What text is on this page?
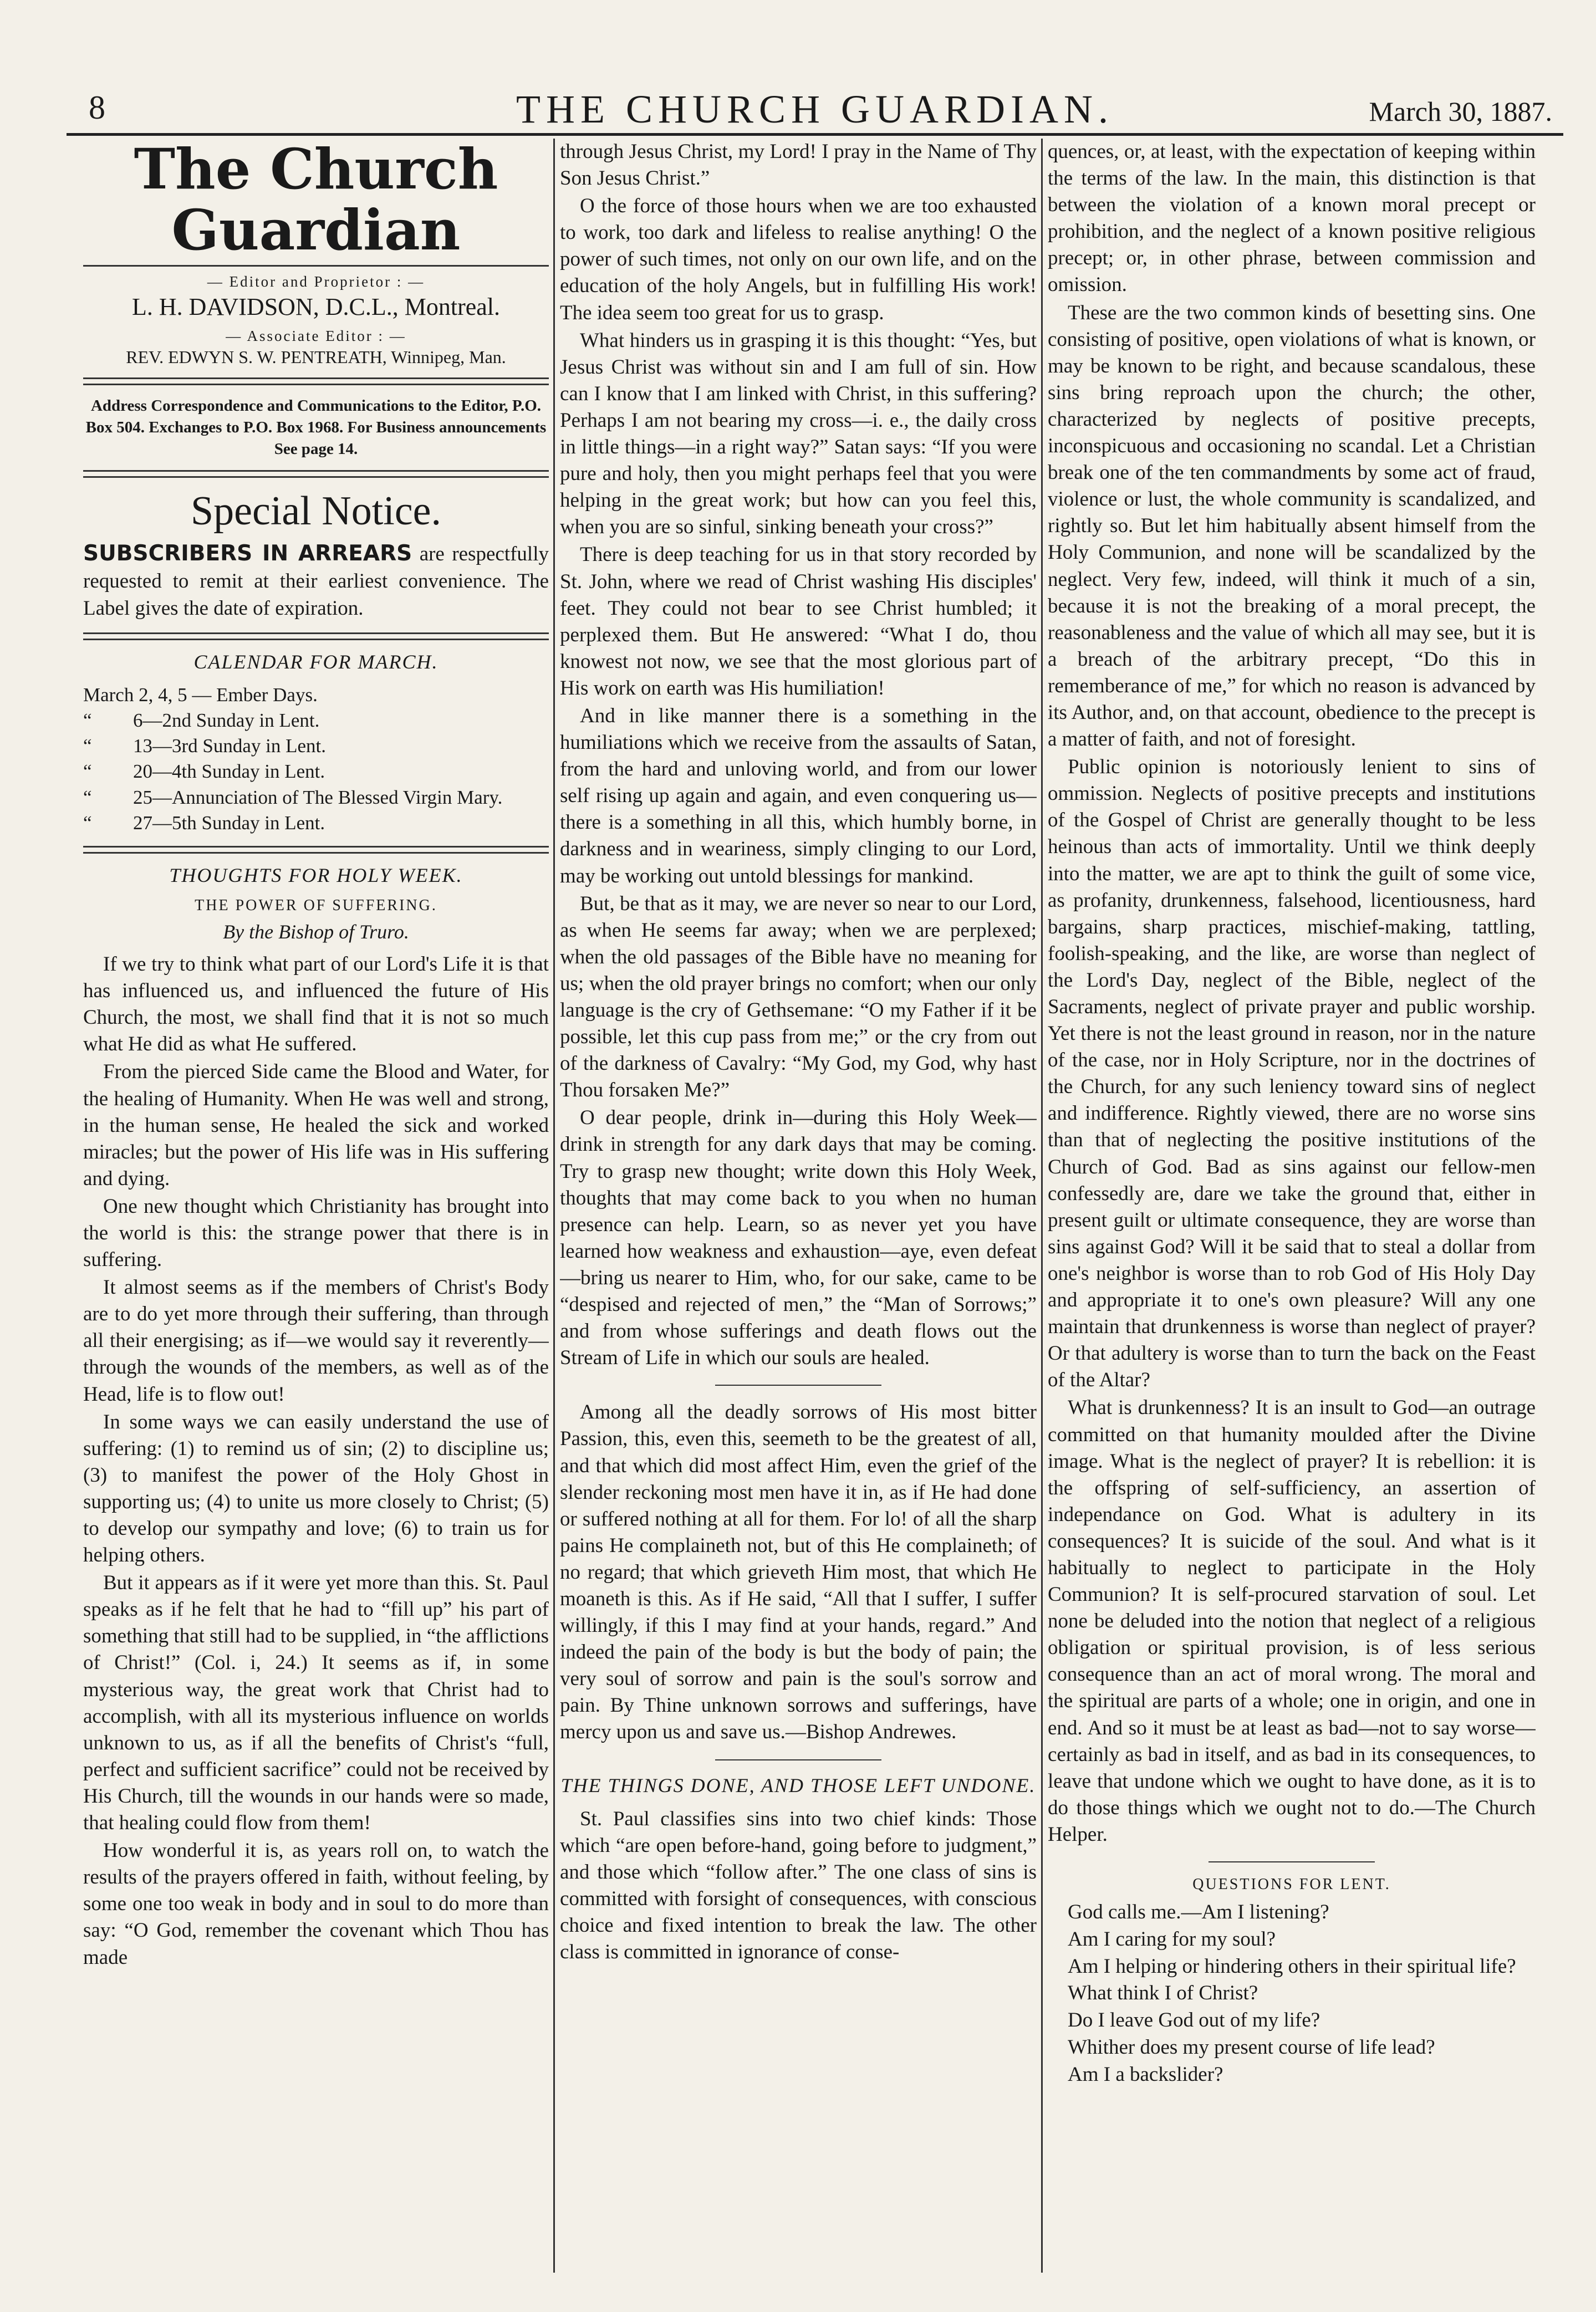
8	THE CHURCH GUARDIAN.	March 30, 1887.
The Church Guardian
— Editor and Proprietor : —
L. H. DAVIDSON, D.C.L., Montreal.
— Associate Editor : —
REV. EDWYN S. W. PENTREATH, Winnipeg, Man.
Address Correspondence and Communications to the Editor, P.O. Box 504. Exchanges to P.O. Box 1968. For Business announcements See page 14.
Special Notice.
SUBSCRIBERS IN ARREARS are respectfully requested to remit at their earliest convenience. The Label gives the date of expiration.
CALENDAR FOR MARCH.
March 2, 4, 5 — Ember Days.
“	6—2nd Sunday in Lent.
“	13—3rd Sunday in Lent.
“	20—4th Sunday in Lent.
“	25—Annunciation of The Blessed Virgin Mary.
“	27—5th Sunday in Lent.
THOUGHTS FOR HOLY WEEK.
THE POWER OF SUFFERING.
By the Bishop of Truro.

If we try to think what part of our Lord's Life it is that has influenced us, and influenced the future of His Church, the most, we shall find that it is not so much what He did as what He suffered.

From the pierced Side came the Blood and Water, for the healing of Humanity. When He was well and strong, in the human sense, He healed the sick and worked miracles; but the power of His life was in His suffering and dying.

One new thought which Christianity has brought into the world is this: the strange power that there is in suffering.

It almost seems as if the members of Christ's Body are to do yet more through their suffering, than through all their energising; as if—we would say it reverently—through the wounds of the members, as well as of the Head, life is to flow out!

In some ways we can easily understand the use of suffering: (1) to remind us of sin; (2) to discipline us; (3) to manifest the power of the Holy Ghost in supporting us; (4) to unite us more closely to Christ; (5) to develop our sympathy and love; (6) to train us for helping others.

But it appears as if it were yet more than this. St. Paul speaks as if he felt that he had to “fill up” his part of something that still had to be supplied, in “the afflictions of Christ!” (Col. i, 24.) It seems as if, in some mysterious way, the great work that Christ had to accomplish, with all its mysterious influence on worlds unknown to us, as if all the benefits of Christ's “full, perfect and sufficient sacrifice” could not be received by His Church, till the wounds in our hands were so made, that healing could flow from them!

How wonderful it is, as years roll on, to watch the results of the prayers offered in faith, without feeling, by some one too weak in body and in soul to do more than say: “O God, remember the covenant which Thou has made

through Jesus Christ, my Lord! I pray in the Name of Thy Son Jesus Christ.”

O the force of those hours when we are too exhausted to work, too dark and lifeless to realise anything! O the power of such times, not only on our own life, and on the education of the holy Angels, but in fulfilling His work! The idea seem too great for us to grasp.

What hinders us in grasping it is this thought: “Yes, but Jesus Christ was without sin and I am full of sin. How can I know that I am linked with Christ, in this suffering? Perhaps I am not bearing my cross—i. e., the daily cross in little things—in a right way?” Satan says: “If you were pure and holy, then you might perhaps feel that you were helping in the great work; but how can you feel this, when you are so sinful, sinking beneath your cross?”

There is deep teaching for us in that story recorded by St. John, where we read of Christ washing His disciples' feet. They could not bear to see Christ humbled; it perplexed them. But He answered: “What I do, thou knowest not now, we see that the most glorious part of His work on earth was His humiliation!

And in like manner there is a something in the humiliations which we receive from the assaults of Satan, from the hard and unloving world, and from our lower self rising up again and again, and even conquering us—there is a something in all this, which humbly borne, in darkness and in weariness, simply clinging to our Lord, may be working out untold blessings for mankind.

But, be that as it may, we are never so near to our Lord, as when He seems far away; when we are perplexed; when the old passages of the Bible have no meaning for us; when the old prayer brings no comfort; when our only language is the cry of Gethsemane: “O my Father if it be possible, let this cup pass from me;” or the cry from out of the darkness of Cavalry: “My God, my God, why hast Thou forsaken Me?”

O dear people, drink in—during this Holy Week—drink in strength for any dark days that may be coming. Try to grasp new thought; write down this Holy Week, thoughts that may come back to you when no human presence can help. Learn, so as never yet you have learned how weakness and exhaustion—aye, even defeat—bring us nearer to Him, who, for our sake, came to be “despised and rejected of men,” the “Man of Sorrows;” and from whose sufferings and death flows out the Stream of Life in which our souls are healed.

Among all the deadly sorrows of His most bitter Passion, this, even this, seemeth to be the greatest of all, and that which did most affect Him, even the grief of the slender reckoning most men have it in, as if He had done or suffered nothing at all for them. For lo! of all the sharp pains He complaineth not, but of this He complaineth; of no regard; that which grieveth Him most, that which He moaneth is this. As if He said, “All that I suffer, I suffer willingly, if this I may find at your hands, regard.” And indeed the pain of the body is but the body of pain; the very soul of sorrow and pain is the soul's sorrow and pain. By Thine unknown sorrows and sufferings, have mercy upon us and save us.—Bishop Andrewes.

THE THINGS DONE, AND THOSE LEFT UNDONE.

St. Paul classifies sins into two chief kinds: Those which “are open before-hand, going before to judgment,” and those which “follow after.” The one class of sins is committed with forsight of consequences, with conscious choice and fixed intention to break the law. The other class is committed in ignorance of conse-

quences, or, at least, with the expectation of keeping within the terms of the law. In the main, this distinction is that between the violation of a known moral precept or prohibition, and the neglect of a known positive religious precept; or, in other phrase, between commission and omission.

These are the two common kinds of besetting sins. One consisting of positive, open violations of what is known, or may be known to be right, and because scandalous, these sins bring reproach upon the church; the other, characterized by neglects of positive precepts, inconspicuous and occasioning no scandal. Let a Christian break one of the ten commandments by some act of fraud, violence or lust, the whole community is scandalized, and rightly so. But let him habitually absent himself from the Holy Communion, and none will be scandalized by the neglect. Very few, indeed, will think it much of a sin, because it is not the breaking of a moral precept, the reasonableness and the value of which all may see, but it is a breach of the arbitrary precept, “Do this in rememberance of me,” for which no reason is advanced by its Author, and, on that account, obedience to the precept is a matter of faith, and not of foresight.

Public opinion is notoriously lenient to sins of ommission. Neglects of positive precepts and institutions of the Gospel of Christ are generally thought to be less heinous than acts of immortality. Until we think deeply into the matter, we are apt to think the guilt of some vice, as profanity, drunkenness, falsehood, licentiousness, hard bargains, sharp practices, mischief-making, tattling, foolish-speaking, and the like, are worse than neglect of the Lord's Day, neglect of the Bible, neglect of the Sacraments, neglect of private prayer and public worship. Yet there is not the least ground in reason, nor in the nature of the case, nor in Holy Scripture, nor in the doctrines of the Church, for any such leniency toward sins of neglect and indifference. Rightly viewed, there are no worse sins than that of neglecting the positive institutions of the Church of God. Bad as sins against our fellow-men confessedly are, dare we take the ground that, either in present guilt or ultimate consequence, they are worse than sins against God? Will it be said that to steal a dollar from one's neighbor is worse than to rob God of His Holy Day and appropriate it to one's own pleasure? Will any one maintain that drunkenness is worse than neglect of prayer? Or that adultery is worse than to turn the back on the Feast of the Altar?

What is drunkenness? It is an insult to God—an outrage committed on that humanity moulded after the Divine image. What is the neglect of prayer? It is rebellion: it is the offspring of self-sufficiency, an assertion of independance on God. What is adultery in its consequences? It is suicide of the soul. And what is it habitually to neglect to participate in the Holy Communion? It is self-procured starvation of soul. Let none be deluded into the notion that neglect of a religious obligation or spiritual provision, is of less serious consequence than an act of moral wrong. The moral and the spiritual are parts of a whole; one in origin, and one in end. And so it must be at least as bad—not to say worse—certainly as bad in itself, and as bad in its consequences, to leave that undone which we ought to have done, as it is to do those things which we ought not to do.—The Church Helper.

QUESTIONS FOR LENT.
God calls me.—Am I listening?
Am I caring for my soul?
Am I helping or hindering others in their spiritual life?
What think I of Christ?
Do I leave God out of my life?
Whither does my present course of life lead?
Am I a backslider?
